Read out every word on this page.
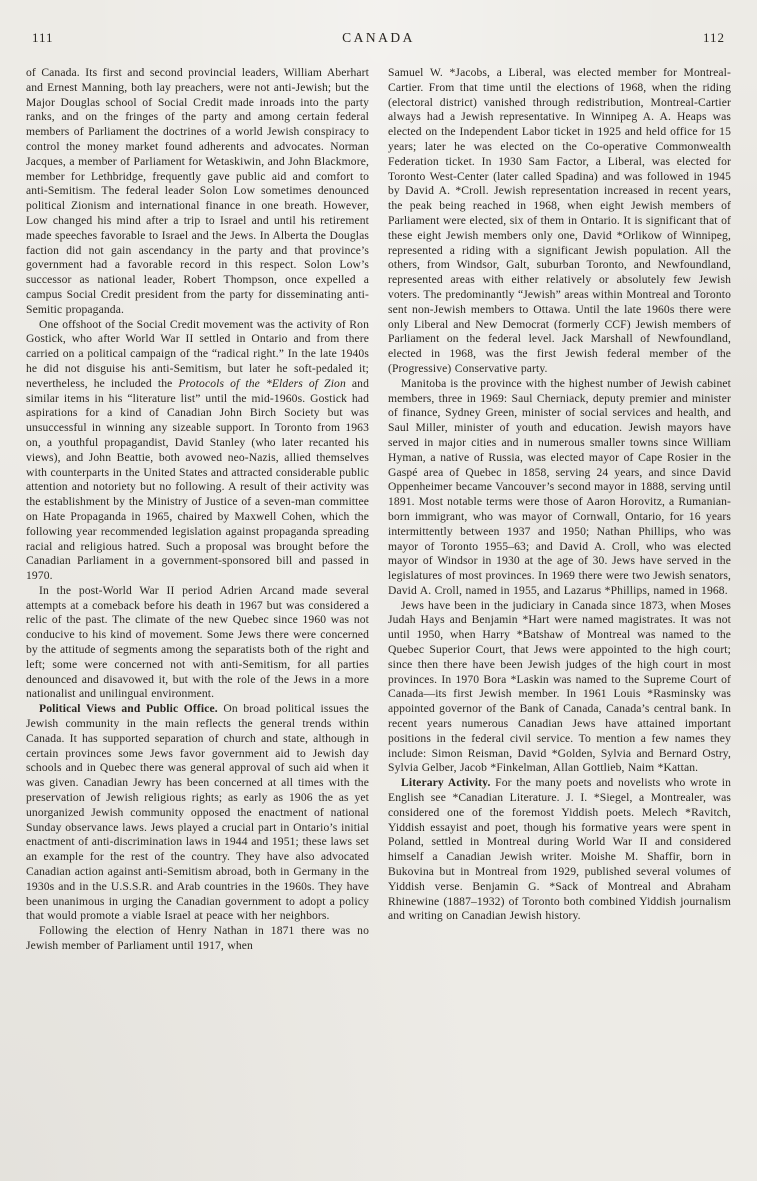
111	CANADA	112

of Canada. Its first and second provincial leaders, William Aberhart and Ernest Manning, both lay preachers, were not anti-Jewish; but the Major Douglas school of Social Credit made inroads into the party ranks, and on the fringes of the party and among certain federal members of Parliament the doctrines of a world Jewish conspiracy to control the money market found adherents and advocates. Norman Jacques, a member of Parliament for Wetaskiwin, and John Blackmore, member for Lethbridge, frequently gave public aid and comfort to anti-Semitism. The federal leader Solon Low sometimes denounced political Zionism and international finance in one breath. However, Low changed his mind after a trip to Israel and until his retirement made speeches favorable to Israel and the Jews. In Alberta the Douglas faction did not gain ascendancy in the party and that province’s government had a favorable record in this respect. Solon Low’s successor as national leader, Robert Thompson, once expelled a campus Social Credit president from the party for disseminating anti-Semitic propaganda.

One offshoot of the Social Credit movement was the activity of Ron Gostick, who after World War II settled in Ontario and from there carried on a political campaign of the “radical right.” In the late 1940s he did not disguise his anti-Semitism, but later he soft-pedaled it; nevertheless, he included the Protocols of the *Elders of Zion and similar items in his “literature list” until the mid-1960s. Gostick had aspirations for a kind of Canadian John Birch Society but was unsuccessful in winning any sizeable support. In Toronto from 1963 on, a youthful propagandist, David Stanley (who later recanted his views), and John Beattie, both avowed neo-Nazis, allied themselves with counterparts in the United States and attracted considerable public attention and notoriety but no following. A result of their activity was the establishment by the Ministry of Justice of a seven-man committee on Hate Propaganda in 1965, chaired by Maxwell Cohen, which the following year recommended legislation against propaganda spreading racial and religious hatred. Such a proposal was brought before the Canadian Parliament in a government-sponsored bill and passed in 1970.

In the post-World War II period Adrien Arcand made several attempts at a comeback before his death in 1967 but was considered a relic of the past. The climate of the new Quebec since 1960 was not conducive to his kind of movement. Some Jews there were concerned by the attitude of segments among the separatists both of the right and left; some were concerned not with anti-Semitism, for all parties denounced and disavowed it, but with the role of the Jews in a more nationalist and unilingual environment.

Political Views and Public Office. On broad political issues the Jewish community in the main reflects the general trends within Canada. It has supported separation of church and state, although in certain provinces some Jews favor government aid to Jewish day schools and in Quebec there was general approval of such aid when it was given. Canadian Jewry has been concerned at all times with the preservation of Jewish religious rights; as early as 1906 the as yet unorganized Jewish community opposed the enactment of national Sunday observance laws. Jews played a crucial part in Ontario’s initial enactment of anti-discrimination laws in 1944 and 1951; these laws set an example for the rest of the country. They have also advocated Canadian action against anti-Semitism abroad, both in Germany in the 1930s and in the U.S.S.R. and Arab countries in the 1960s. They have been unanimous in urging the Canadian government to adopt a policy that would promote a viable Israel at peace with her neighbors.

Following the election of Henry Nathan in 1871 there was no Jewish member of Parliament until 1917, when

Samuel W. *Jacobs, a Liberal, was elected member for Montreal-Cartier. From that time until the elections of 1968, when the riding (electoral district) vanished through redistribution, Montreal-Cartier always had a Jewish representative. In Winnipeg A. A. Heaps was elected on the Independent Labor ticket in 1925 and held office for 15 years; later he was elected on the Co-operative Commonwealth Federation ticket. In 1930 Sam Factor, a Liberal, was elected for Toronto West-Center (later called Spadina) and was followed in 1945 by David A. *Croll. Jewish representation increased in recent years, the peak being reached in 1968, when eight Jewish members of Parliament were elected, six of them in Ontario. It is significant that of these eight Jewish members only one, David *Orlikow of Winnipeg, represented a riding with a significant Jewish population. All the others, from Windsor, Galt, suburban Toronto, and Newfoundland, represented areas with either relatively or absolutely few Jewish voters. The predominantly “Jewish” areas within Montreal and Toronto sent non-Jewish members to Ottawa. Until the late 1960s there were only Liberal and New Democrat (formerly CCF) Jewish members of Parliament on the federal level. Jack Marshall of Newfoundland, elected in 1968, was the first Jewish federal member of the (Progressive) Conservative party.

Manitoba is the province with the highest number of Jewish cabinet members, three in 1969: Saul Cherniack, deputy premier and minister of finance, Sydney Green, minister of social services and health, and Saul Miller, minister of youth and education. Jewish mayors have served in major cities and in numerous smaller towns since William Hyman, a native of Russia, was elected mayor of Cape Rosier in the Gaspé area of Quebec in 1858, serving 24 years, and since David Oppenheimer became Vancouver’s second mayor in 1888, serving until 1891. Most notable terms were those of Aaron Horovitz, a Rumanian-born immigrant, who was mayor of Cornwall, Ontario, for 16 years intermittently between 1937 and 1950; Nathan Phillips, who was mayor of Toronto 1955–63; and David A. Croll, who was elected mayor of Windsor in 1930 at the age of 30. Jews have served in the legislatures of most provinces. In 1969 there were two Jewish senators, David A. Croll, named in 1955, and Lazarus *Phillips, named in 1968.

Jews have been in the judiciary in Canada since 1873, when Moses Judah Hays and Benjamin *Hart were named magistrates. It was not until 1950, when Harry *Batshaw of Montreal was named to the Quebec Superior Court, that Jews were appointed to the high court; since then there have been Jewish judges of the high court in most provinces. In 1970 Bora *Laskin was named to the Supreme Court of Canada—its first Jewish member. In 1961 Louis *Rasminsky was appointed governor of the Bank of Canada, Canada’s central bank. In recent years numerous Canadian Jews have attained important positions in the federal civil service. To mention a few names they include: Simon Reisman, David *Golden, Sylvia and Bernard Ostry, Sylvia Gelber, Jacob *Finkelman, Allan Gottlieb, Naim *Kattan.

Literary Activity. For the many poets and novelists who wrote in English see *Canadian Literature. J. I. *Siegel, a Montrealer, was considered one of the foremost Yiddish poets. Melech *Ravitch, Yiddish essayist and poet, though his formative years were spent in Poland, settled in Montreal during World War II and considered himself a Canadian Jewish writer. Moishe M. Shaffir, born in Bukovina but in Montreal from 1929, published several volumes of Yiddish verse. Benjamin G. *Sack of Montreal and Abraham Rhinewine (1887–1932) of Toronto both combined Yiddish journalism and writing on Canadian Jewish history.
